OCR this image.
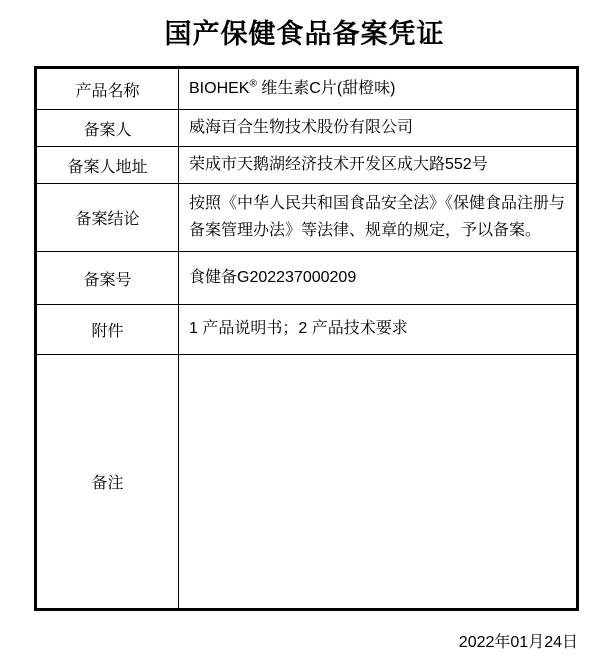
国产保健食品备案凭证
产品名称	BIOHEK® 维生素C片(甜橙味)
备案人	威海百合生物技术股份有限公司
备案人地址	荣成市天鹅湖经济技术开发区成大路552号
备案结论	按照《中华人民共和国食品安全法》《保健食品注册与备案管理办法》等法律、规章的规定，予以备案。
备案号	食健备G202237000209
附件	1 产品说明书；2 产品技术要求
备注	
2022年01月24日
